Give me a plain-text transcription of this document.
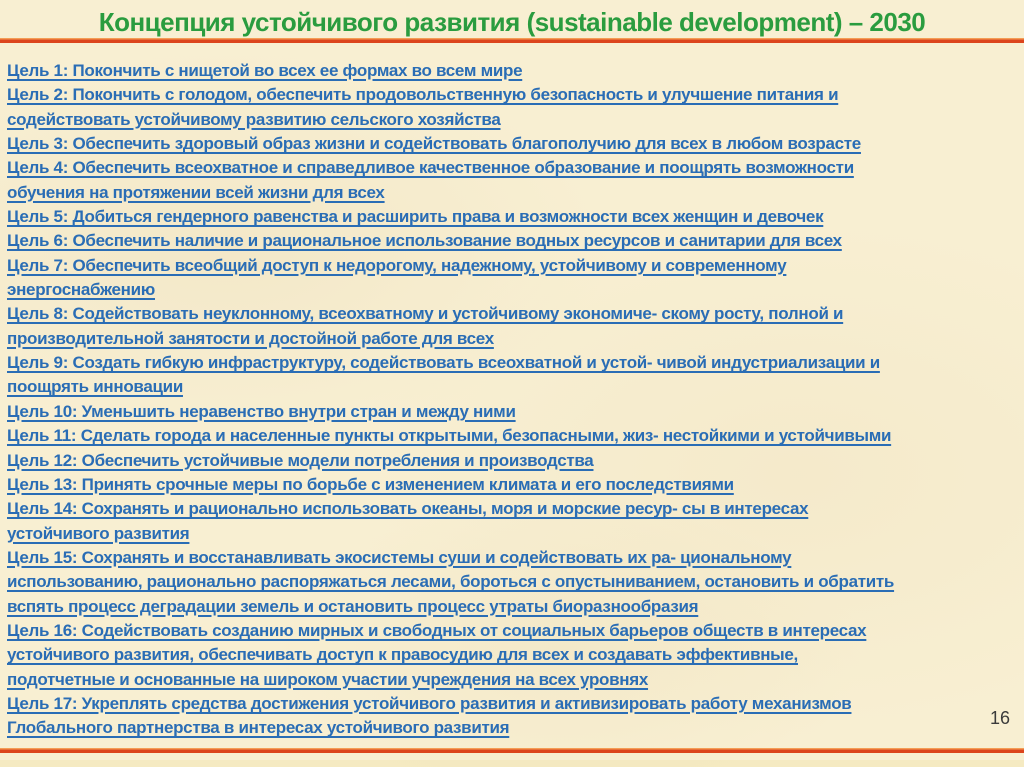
Концепция устойчивого развития (sustainable development) – 2030
Цель 1: Покончить с нищетой во всех ее формах во всем мире
Цель 2: Покончить с голодом, обеспечить продовольственную безопасность и улучшение питания и
содействовать устойчивому развитию сельского хозяйства
Цель 3: Обеспечить здоровый образ жизни и содействовать благополучию для всех в любом возрасте
Цель 4: Обеспечить всеохватное и справедливое качественное образование и поощрять возможности
обучения на протяжении всей жизни для всех
Цель 5: Добиться гендерного равенства и расширить права и возможности всех женщин и девочек
Цель 6: Обеспечить наличие и рациональное использование водных ресурсов и санитарии для всех
Цель 7: Обеспечить всеобщий доступ к недорогому, надежному, устойчивому и современному
энергоснабжению
Цель 8: Содействовать неуклонному, всеохватному и устойчивому экономиче- скому росту, полной и
производительной занятости и достойной работе для всех
Цель 9: Создать гибкую инфраструктуру, содействовать всеохватной и устой- чивой индустриализации и
поощрять инновации
Цель 10: Уменьшить неравенство внутри стран и между ними
Цель 11: Сделать города и населенные пункты открытыми, безопасными, жиз- нестойкими и устойчивыми
Цель 12: Обеспечить устойчивые модели потребления и производства
Цель 13: Принять срочные меры по борьбе с изменением климата и его последствиями
Цель 14: Сохранять и рационально использовать океаны, моря и морские ресур- сы в интересах
устойчивого развития
Цель 15: Сохранять и восстанавливать экосистемы суши и содействовать их ра- циональному
использованию, рационально распоряжаться лесами, бороться с опустыниванием, остановить и обратить
вспять процесс деградации земель и остановить процесс утраты биоразнообразия
Цель 16: Содействовать созданию мирных и свободных от социальных барьеров обществ в интересах
устойчивого развития, обеспечивать доступ к правосудию для всех и создавать эффективные,
подотчетные и основанные на широком участии учреждения на всех уровнях
Цель 17: Укреплять средства достижения устойчивого развития и активизировать работу механизмов
Глобального партнерства в интересах устойчивого развития	16
